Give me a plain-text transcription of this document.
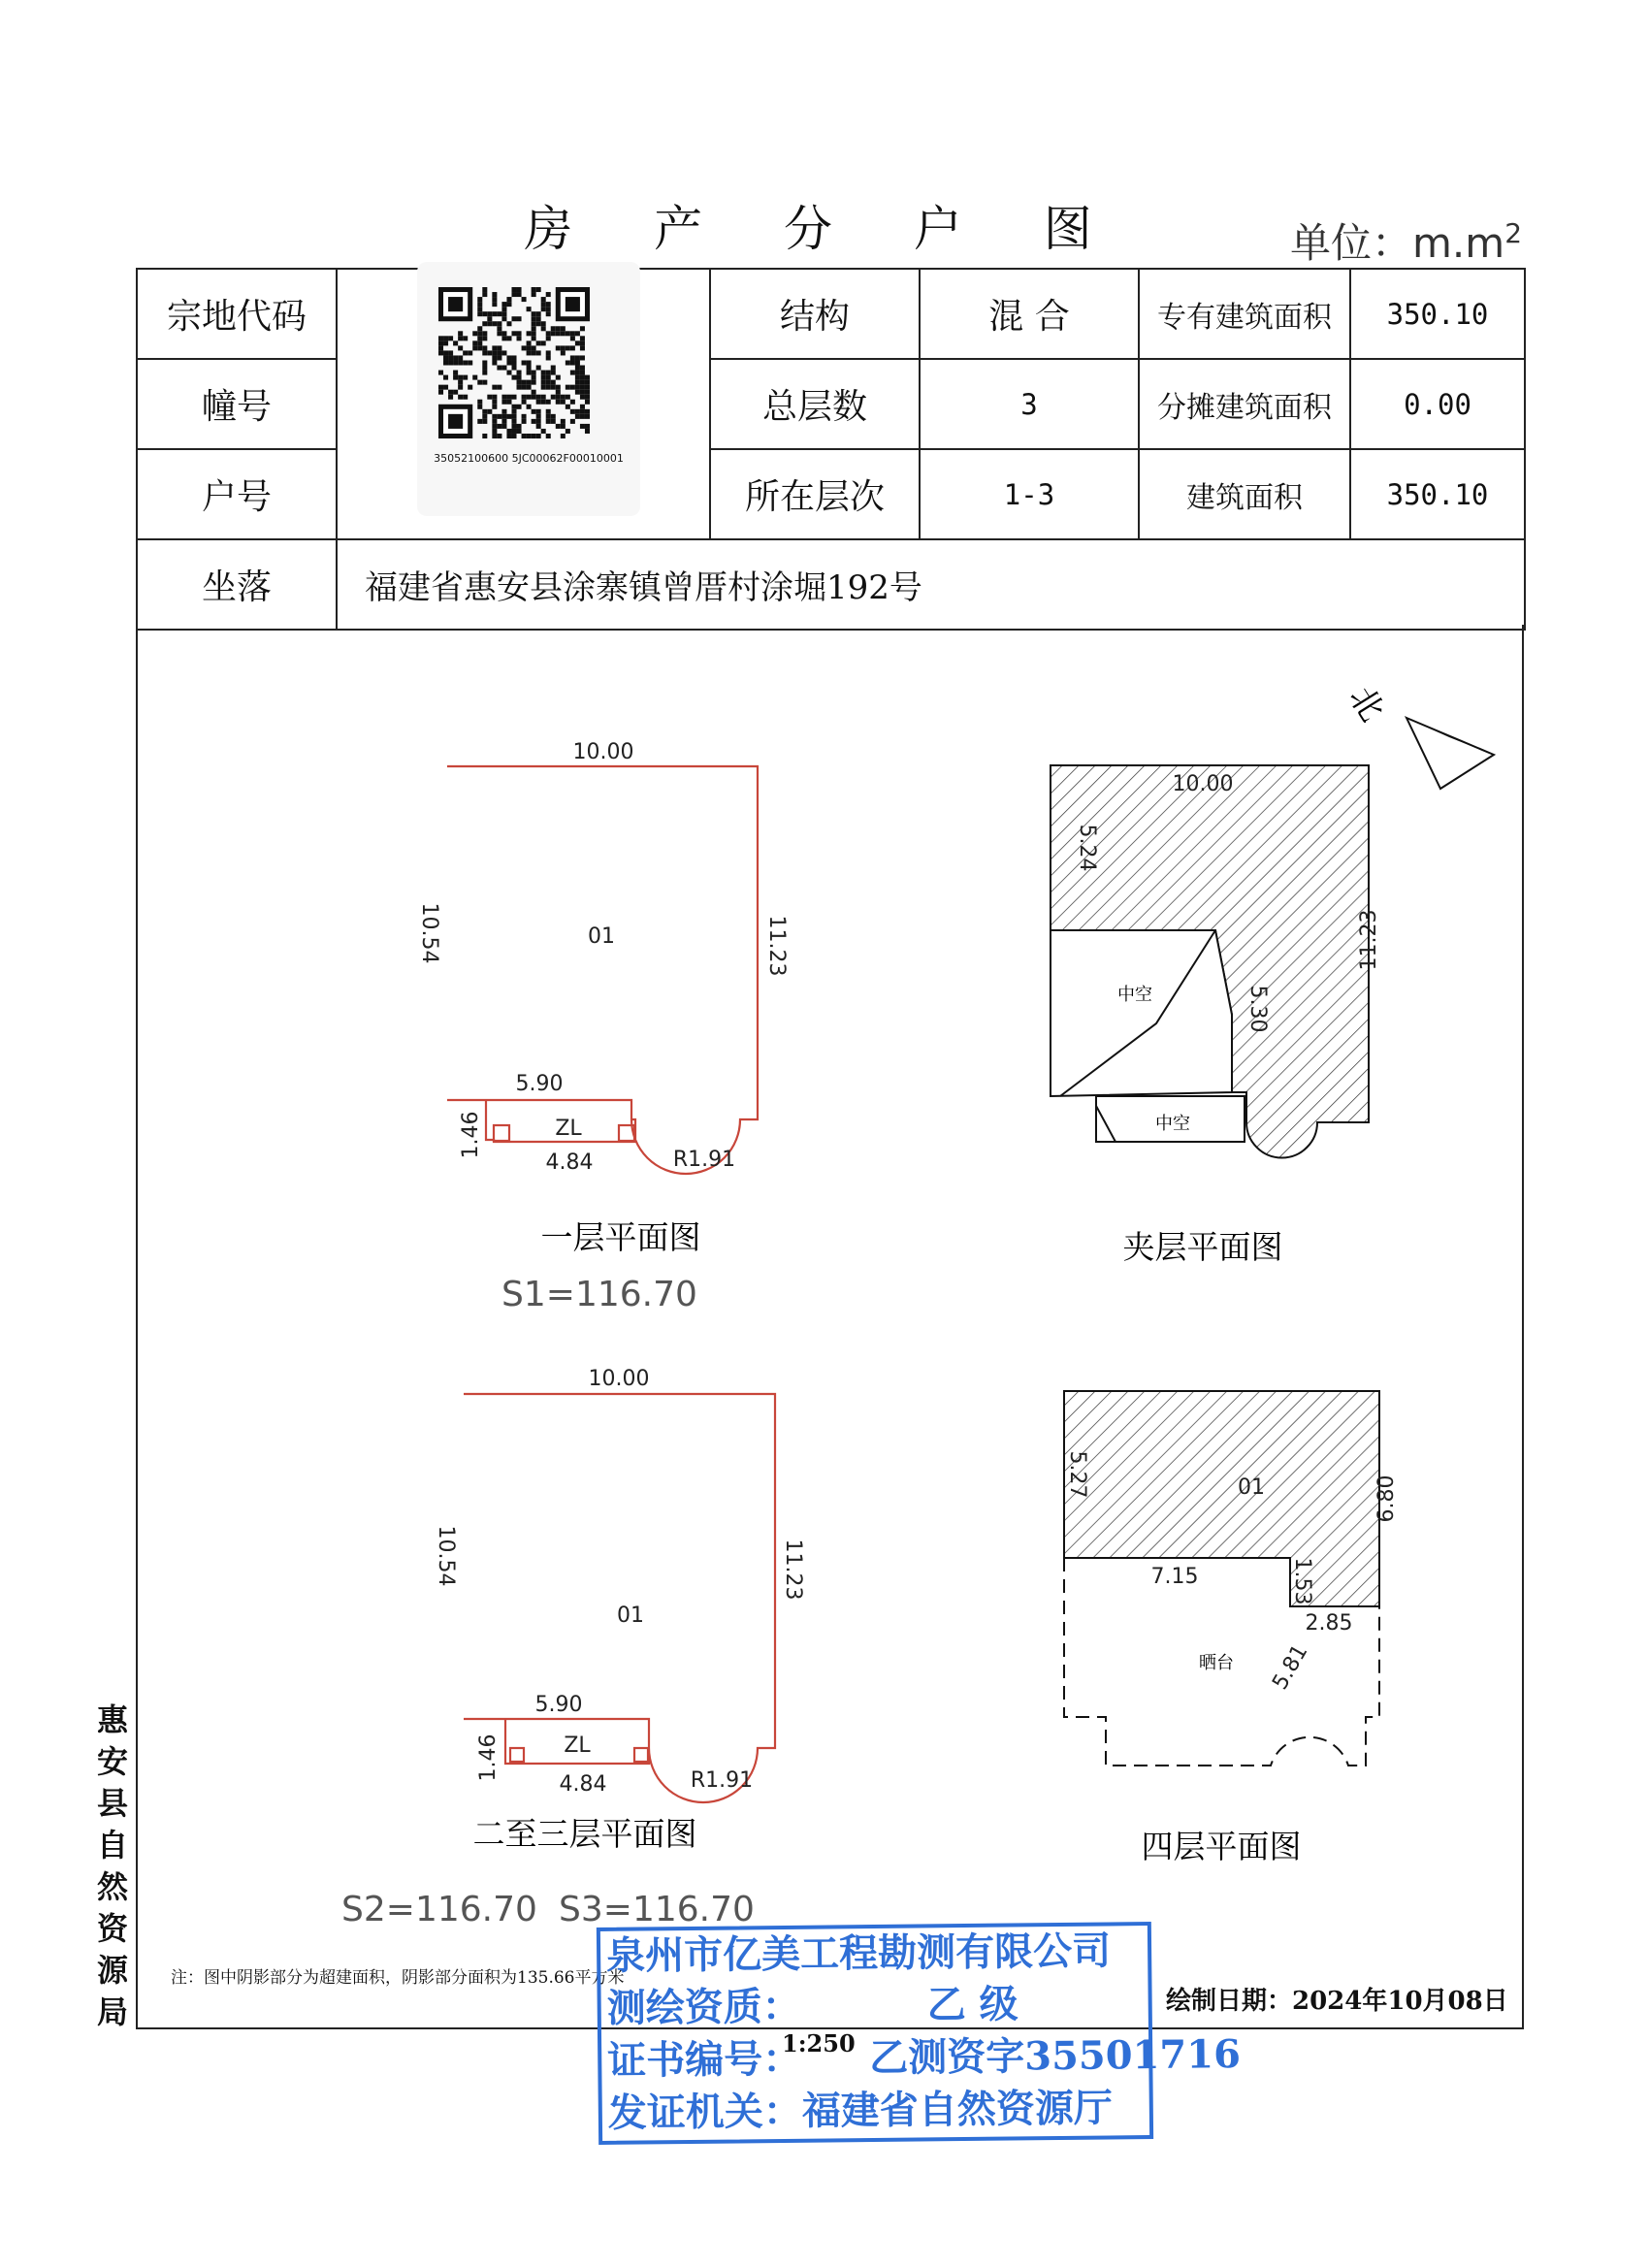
房 产 分 户 图	单位：$m.m^2$
宗地代码	35052100600 5JC00062F00010001	结构	混 合	专有建筑面积	350.10
幢号		总层数	3	分摊建筑面积	0.00
户号		所在层次	1-3	建筑面积	350.10
坐落	福建省惠安县涂寨镇曾厝村涂堀192号				
北
10.00
10.54	11.23
01
5.90
1.46	ZL
4.84	R1.91
一层平面图
S1=116.70
10.00
5.24
11.23
5.30
中空
中空
夹层平面图
10.00
10.54	11.23
01
5.90
1.46	ZL
4.84	R1.91
二至三层平面图
S2=116.70 S3=116.70
5.27	01	6.80
7.15	1.53
2.85
5.81
晒台
四层平面图
惠安县自然资源局
注：图中阴影部分为超建面积，阴影部分面积为135.66平方米
绘制日期：2024年10月08日
1:250
泉州市亿美工程勘测有限公司
测绘资质：	乙 级
证书编号： 乙测资字35501716
发证机关：福建省自然资源厅
